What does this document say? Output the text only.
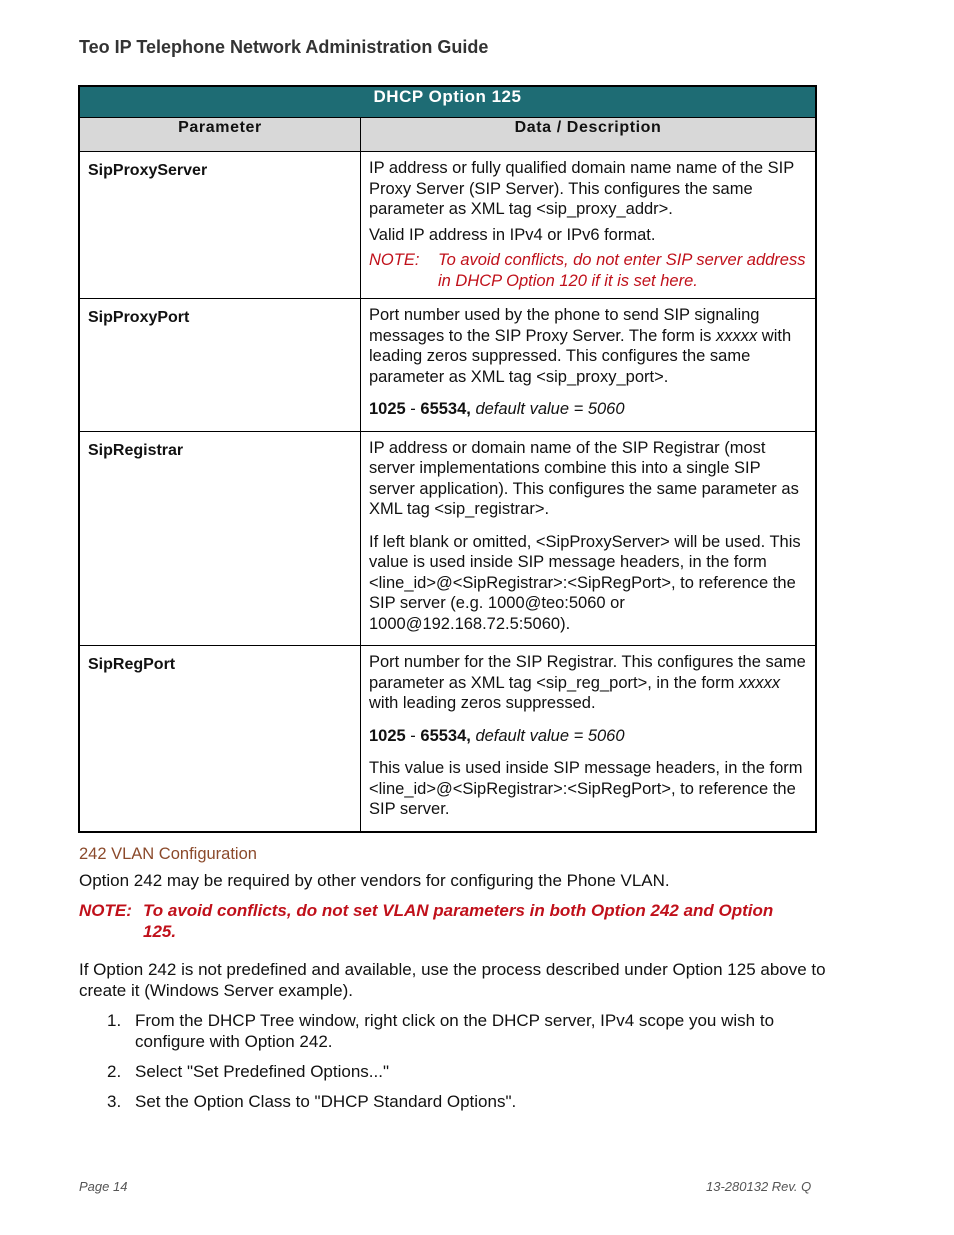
Teo IP Telephone Network Administration Guide
DHCP Option 125	
Parameter	Data / Description
SipProxyServer	IP address or fully qualified domain name name of the SIP Proxy Server (SIP Server). This configures the same parameter as XML tag <sip_proxy_addr>.

Valid IP address in IPv4 or IPv6 format.

NOTE: To avoid conflicts, do not enter SIP server address in DHCP Option 120 if it is set here.

SipProxyPort	Port number used by the phone to send SIP signaling messages to the SIP Proxy Server. The form is xxxxx with leading zeros suppressed. This configures the same parameter as XML tag <sip_proxy_port>.

1025 - 65534, default value = 5060

SipRegistrar	IP address or domain name of the SIP Registrar (most server implementations combine this into a single SIP server application). This configures the same parameter as XML tag <sip_registrar>.

If left blank or omitted, <SipProxyServer> will be used. This value is used inside SIP message headers, in the form <line_id>@<SipRegistrar>:<SipRegPort>, to reference the SIP server (e.g. 1000@teo:5060 or 1000@192.168.72.5:5060).

SipRegPort	Port number for the SIP Registrar. This configures the same parameter as XML tag <sip_reg_port>, in the form xxxxx with leading zeros suppressed.

1025 - 65534, default value = 5060

This value is used inside SIP message headers, in the form <line_id>@<SipRegistrar>:<SipRegPort>, to reference the SIP server.

242 VLAN Configuration
Option 242 may be required by other vendors for configuring the Phone VLAN.
NOTE: To avoid conflicts, do not set VLAN parameters in both Option 242 and Option 125.
If Option 242 is not predefined and available, use the process described under Option 125 above to create it (Windows Server example).
1. From the DHCP Tree window, right click on the DHCP server, IPv4 scope you wish to configure with Option 242.
2. Select "Set Predefined Options..."
3. Set the Option Class to "DHCP Standard Options".
Page 14	13-280132 Rev. Q
